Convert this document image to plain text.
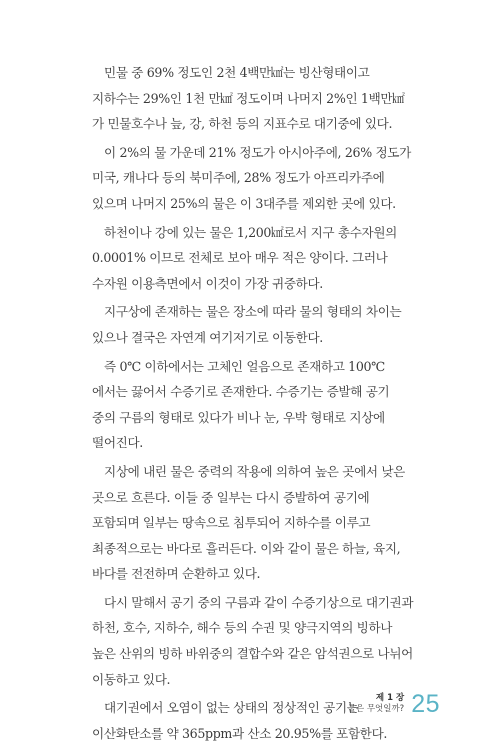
민물 중 69% 정도인 2천 4백만㎢는 빙산형태이고 지하수는 29%인 1천 만㎢ 정도이며 나머지 2%인 1백만㎢가 민물호수나 늪, 강, 하천 등의 지표수로 대기중에 있다.

이 2%의 물 가운데 21% 정도가 아시아주에, 26% 정도가 미국, 캐나다 등의 북미주에, 28% 정도가 아프리카주에 있으며 나머지 25%의 물은 이 3대주를 제외한 곳에 있다.

하천이나 강에 있는 물은 1,200㎢로서 지구 총수자원의 0.0001% 이므로 전체로 보아 매우 적은 양이다. 그러나 수자원 이용측면에서 이것이 가장 귀중하다.

지구상에 존재하는 물은 장소에 따라 물의 형태의 차이는 있으나 결국은 자연계 여기저기로 이동한다.

즉 0℃ 이하에서는 고체인 얼음으로 존재하고 100℃에서는 끓어서 수증기로 존재한다. 수증기는 증발해 공기 중의 구름의 형태로 있다가 비나 눈, 우박 형태로 지상에 떨어진다.

지상에 내린 물은 중력의 작용에 의하여 높은 곳에서 낮은 곳으로 흐른다. 이들 중 일부는 다시 증발하여 공기에 포함되며 일부는 땅속으로 침투되어 지하수를 이루고 최종적으로는 바다로 흘러든다. 이와 같이 물은 하늘, 육지, 바다를 전전하며 순환하고 있다.

다시 말해서 공기 중의 구름과 같이 수증기상으로 대기권과 하천, 호수, 지하수, 해수 등의 수권 및 양극지역의 빙하나 높은 산위의 빙하 바위중의 결합수와 같은 암석권으로 나뉘어 이동하고 있다.

대기권에서 오염이 없는 상태의 정상적인 공기는 이산화탄소를 약 365ppm과 산소 20.95%를 포함한다.

제 1 장
물은 무엇일까? 25
